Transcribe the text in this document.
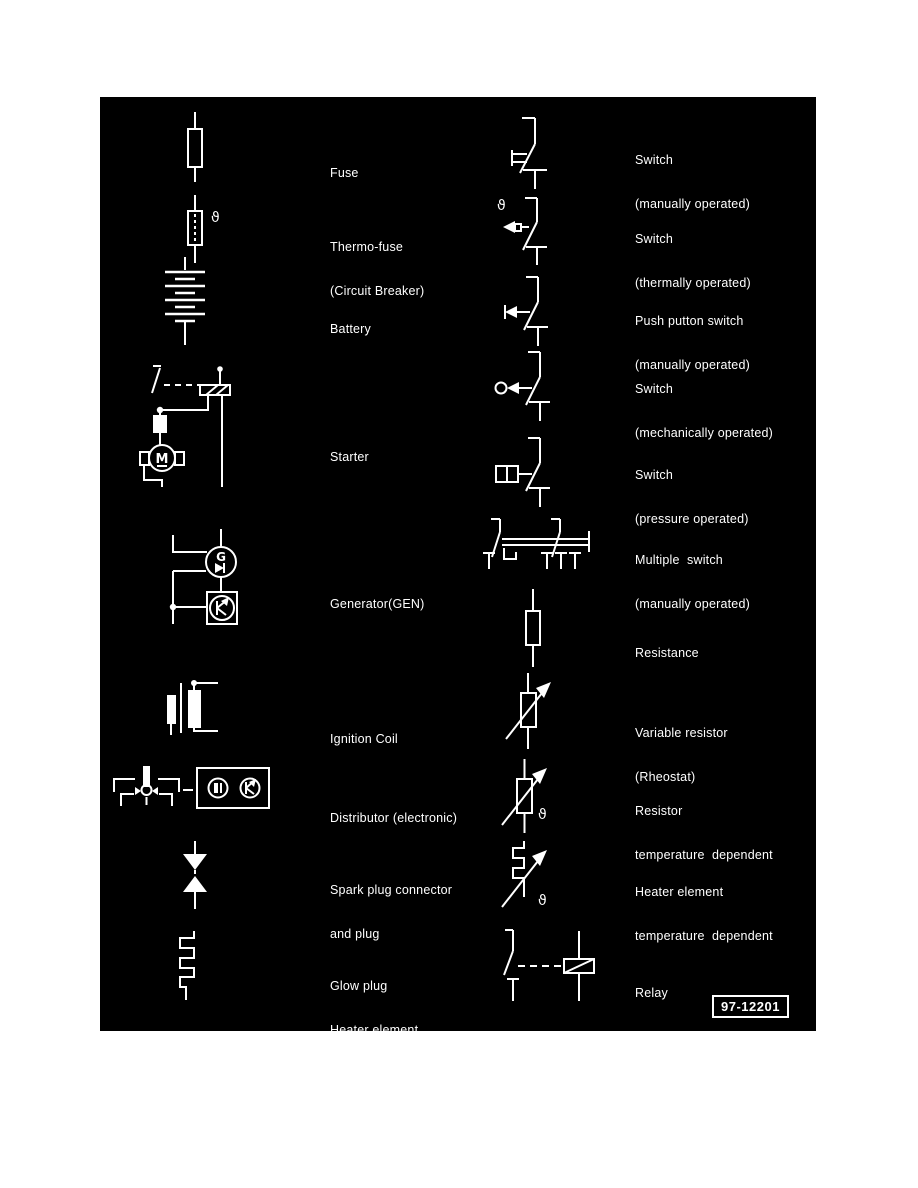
Fuse

ϑ

Thermo-fuse

(Circuit Breaker)

Battery

M

	Starter

G

Generator(GEN)

Ignition Coil

Distributor (electronic)

Spark plug connector

and plug

Glow plug

Heater element

Switch

(manually operated)

ϑ

Switch

(thermally operated)

Push putton switch

(manually operated)

Switch

(mechanically operated)

Switch

(pressure operated)

Multiple  switch

(manually operated)

Resistance

Variable resistor

(Rheostat)

ϑ

	Resistor

temperature  dependent

ϑ

Heater element

temperature  dependent

Relay

97-12201
